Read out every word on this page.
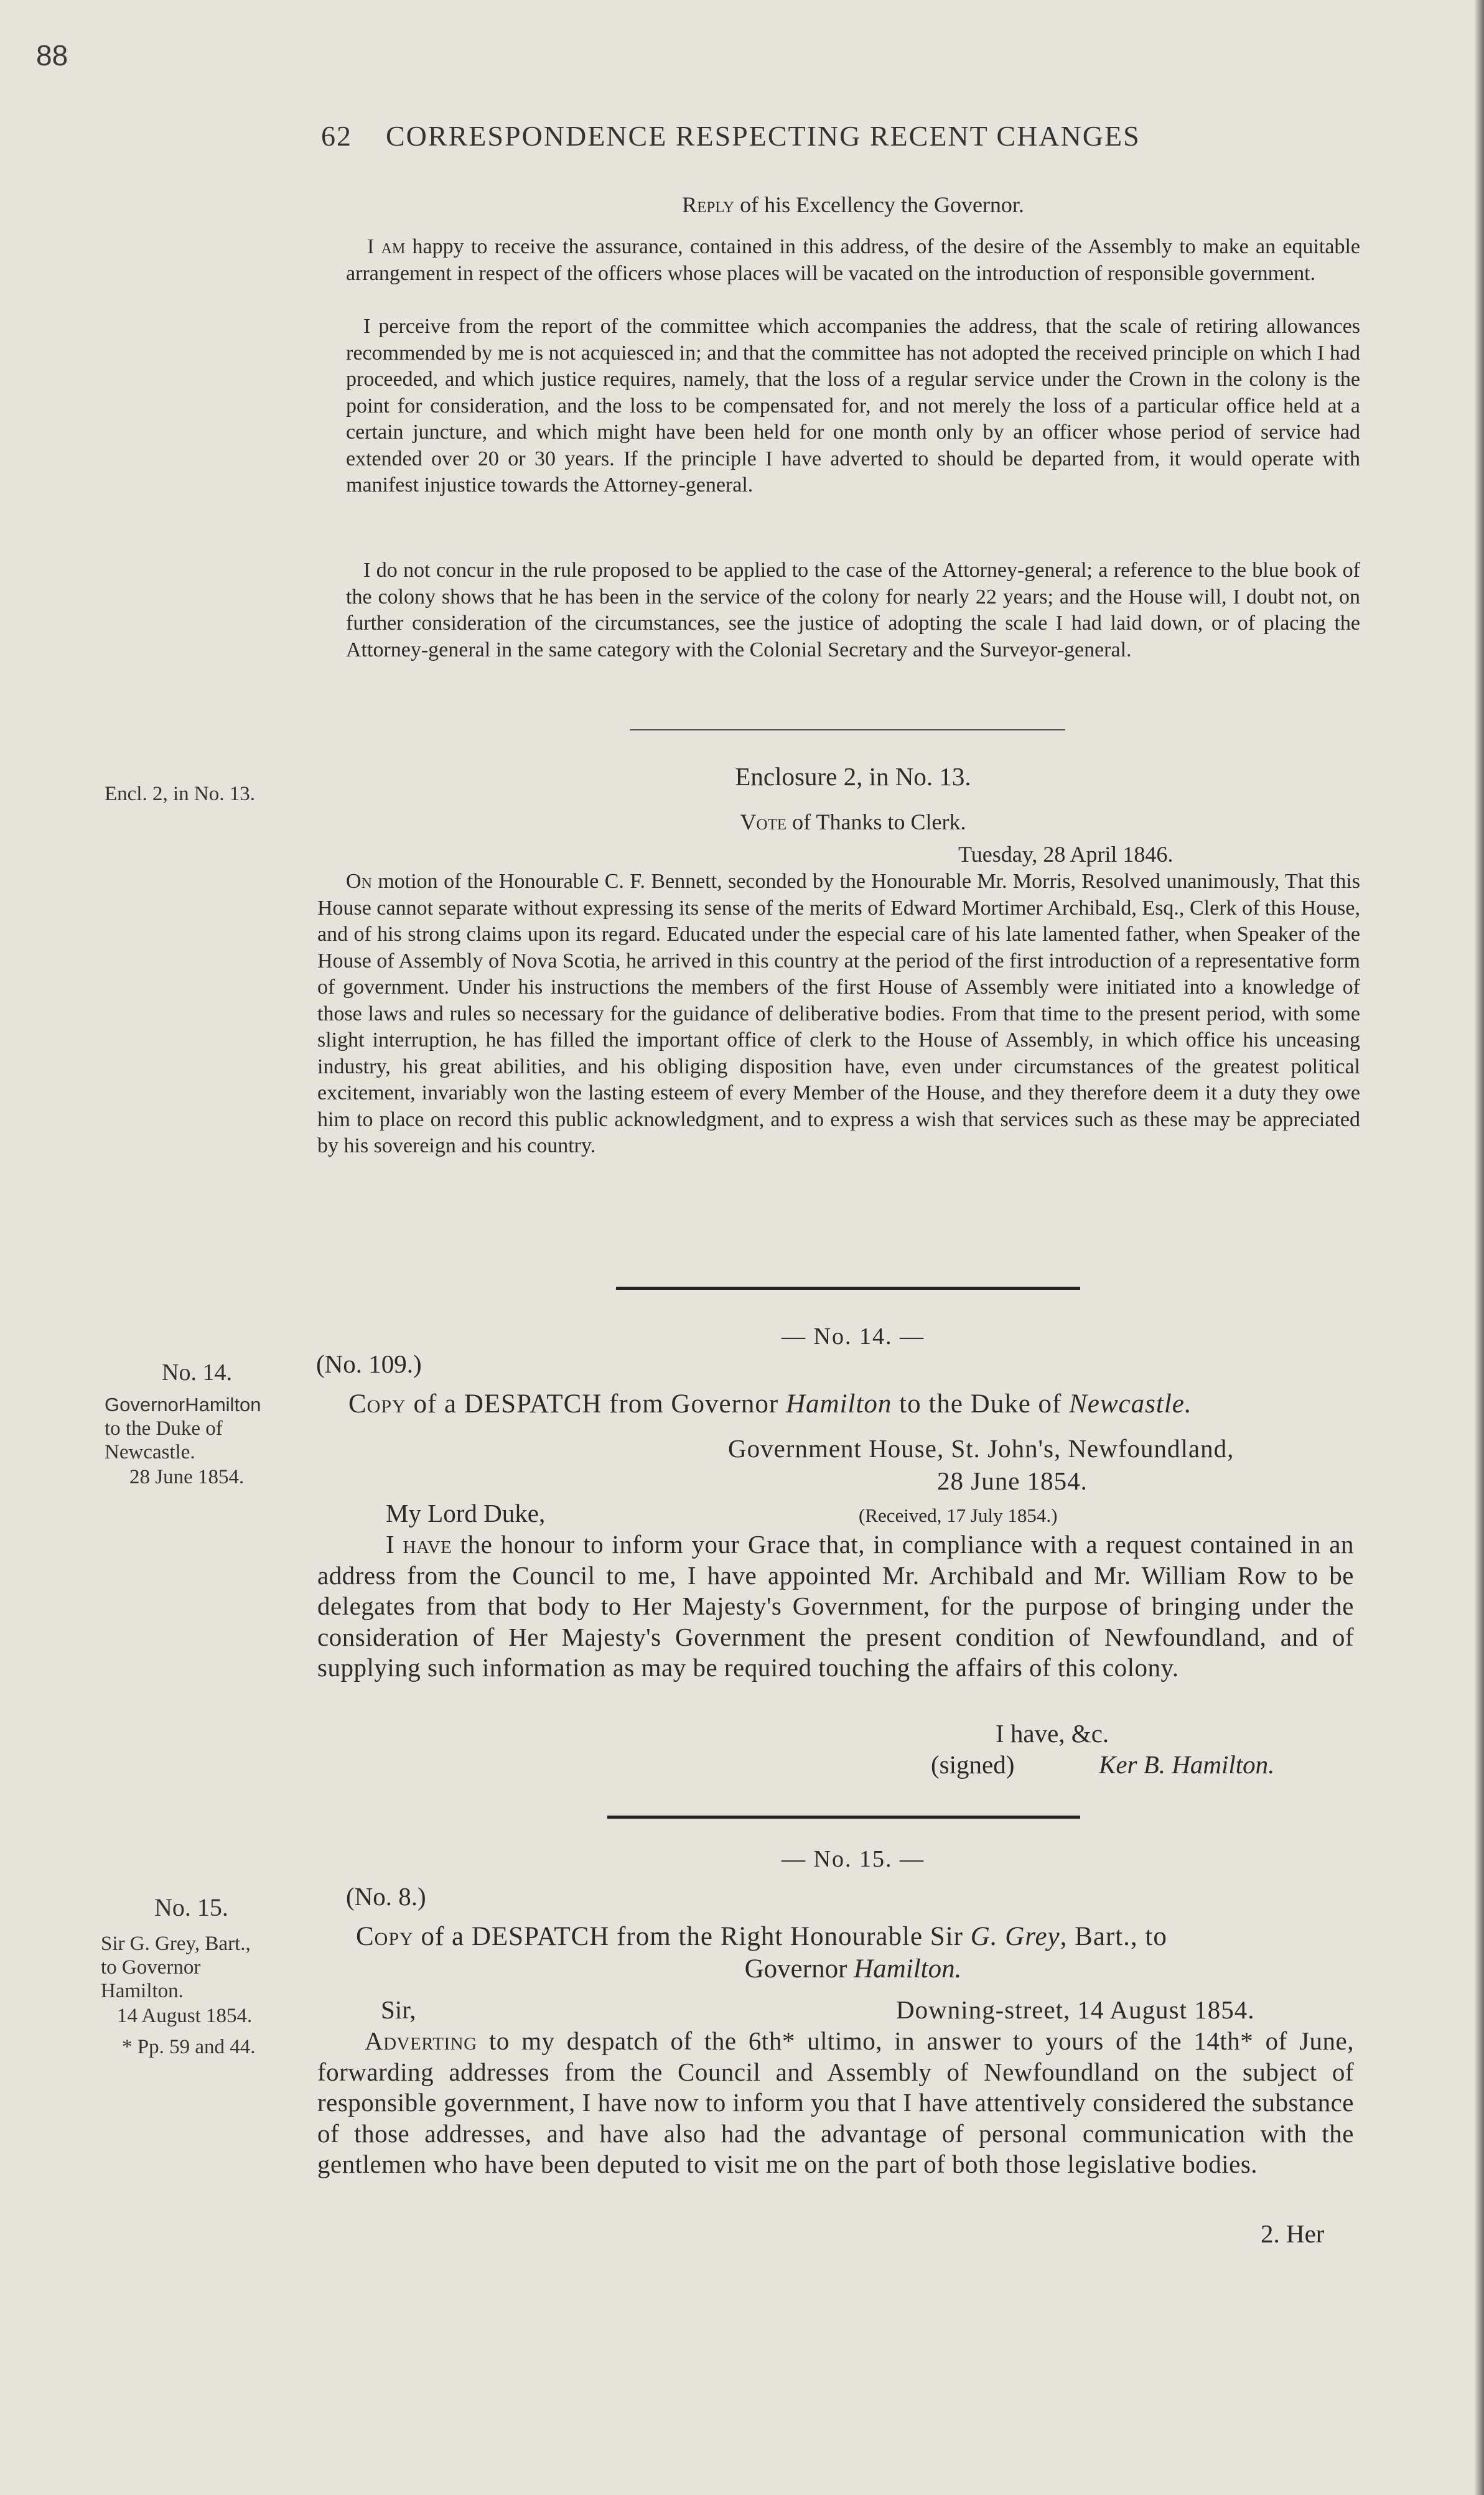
88
62 CORRESPONDENCE RESPECTING RECENT CHANGES
Reply of his Excellency the Governor.

I am happy to receive the assurance, contained in this address, of the desire of the Assembly to make an equitable arrangement in respect of the officers whose places will be vacated on the introduction of responsible government.

I perceive from the report of the committee which accompanies the address, that the scale of retiring allowances recommended by me is not acquiesced in; and that the committee has not adopted the received principle on which I had proceeded, and which justice requires, namely, that the loss of a regular service under the Crown in the colony is the point for consideration, and the loss to be compensated for, and not merely the loss of a particular office held at a certain juncture, and which might have been held for one month only by an officer whose period of service had extended over 20 or 30 years. If the principle I have adverted to should be departed from, it would operate with manifest injustice towards the Attorney-general.

I do not concur in the rule proposed to be applied to the case of the Attorney-general; a reference to the blue book of the colony shows that he has been in the service of the colony for nearly 22 years; and the House will, I doubt not, on further consideration of the circumstances, see the justice of adopting the scale I had laid down, or of placing the Attorney-general in the same category with the Colonial Secretary and the Surveyor-general.

Encl. 2, in No. 13.
Enclosure 2, in No. 13.
Vote of Thanks to Clerk.
Tuesday, 28 April 1846.

On motion of the Honourable C. F. Bennett, seconded by the Honourable Mr. Morris, Resolved unanimously, That this House cannot separate without expressing its sense of the merits of Edward Mortimer Archibald, Esq., Clerk of this House, and of his strong claims upon its regard. Educated under the especial care of his late lamented father, when Speaker of the House of Assembly of Nova Scotia, he arrived in this country at the period of the first introduction of a representative form of government. Under his instructions the members of the first House of Assembly were initiated into a knowledge of those laws and rules so necessary for the guidance of deliberative bodies. From that time to the present period, with some slight interruption, he has filled the important office of clerk to the House of Assembly, in which office his unceasing industry, his great abilities, and his obliging disposition have, even under circumstances of the greatest political excitement, invariably won the lasting esteem of every Member of the House, and they therefore deem it a duty they owe him to place on record this public acknowledgment, and to express a wish that services such as these may be appreciated by his sovereign and his country.

— No. 14. —
No. 14.
GovernorHamilton
to the Duke of
Newcastle.
28 June 1854.
(No. 109.)
Copy of a DESPATCH from Governor Hamilton to the Duke of Newcastle.
Government House, St. John's, Newfoundland,
28 June 1854.
My Lord Duke,	(Received, 17 July 1854.)

I have the honour to inform your Grace that, in compliance with a request contained in an address from the Council to me, I have appointed Mr. Archibald and Mr. William Row to be delegates from that body to Her Majesty's Government, for the purpose of bringing under the consideration of Her Majesty's Government the present condition of Newfoundland, and of supplying such information as may be required touching the affairs of this colony.

I have, &c.
(signed)	Ker B. Hamilton.
— No. 15. —
No. 15.
Sir G. Grey, Bart.,
to Governor
Hamilton.
14 August 1854.
* Pp. 59 and 44.
(No. 8.)
Copy of a DESPATCH from the Right Honourable Sir G. Grey, Bart., to
Governor Hamilton.
Sir,	Downing-street, 14 August 1854.

Adverting to my despatch of the 6th* ultimo, in answer to yours of the 14th* of June, forwarding addresses from the Council and Assembly of Newfoundland on the subject of responsible government, I have now to inform you that I have attentively considered the substance of those addresses, and have also had the advantage of personal communication with the gentlemen who have been deputed to visit me on the part of both those legislative bodies.

2. Her
